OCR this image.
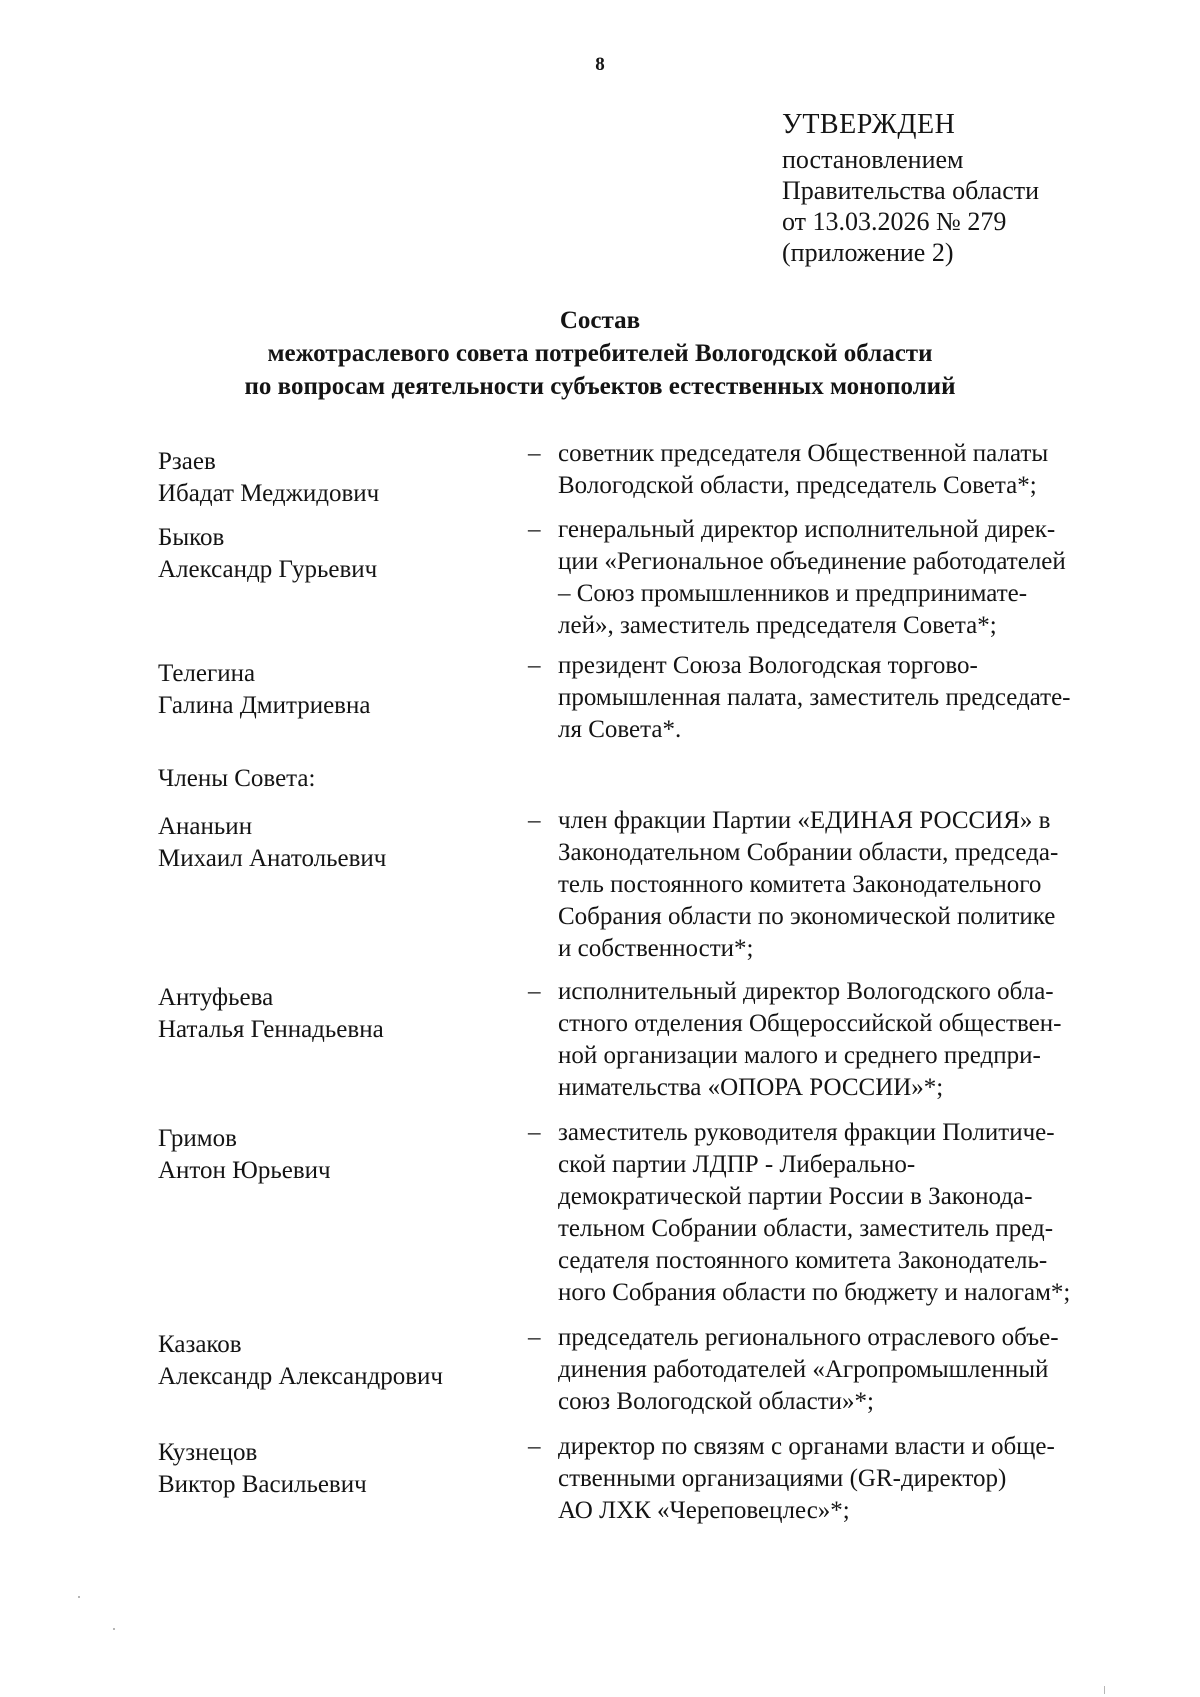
8
УТВЕРЖДЕН
постановлением
Правительства области
от 13.03.2026 № 279
(приложение 2)
Состав
межотраслевого совета потребителей Вологодской области
по вопросам деятельности субъектов естественных монополий
Рзаев
Ибадат Меджидович
– советник председателя Общественной палаты
Вологодской области, председатель Совета*;
Быков
Александр Гурьевич
– генеральный директор исполнительной дирек-
ции «Региональное объединение работодателей
– Союз промышленников и предпринимате-
лей», заместитель председателя Совета*;
Телегина
Галина Дмитриевна
– президент Союза Вологодская торгово-
промышленная палата, заместитель председате-
ля Совета*.
Ананьин
Михаил Анатольевич
– член фракции Партии «ЕДИНАЯ РОССИЯ» в
Законодательном Собрании области, председа-
тель постоянного комитета Законодательного
Собрания области по экономической политике
и собственности*;
Антуфьева
Наталья Геннадьевна
– исполнительный директор Вологодского обла-
стного отделения Общероссийской обществен-
ной организации малого и среднего предпри-
нимательства «ОПОРА РОССИИ»*;
Гримов
Антон Юрьевич
– заместитель руководителя фракции Политиче-
ской партии ЛДПР - Либерально-
демократической партии России в Законода-
тельном Собрании области, заместитель пред-
седателя постоянного комитета Законодатель-
ного Собрания области по бюджету и налогам*;
Казаков
Александр Александрович
– председатель регионального отраслевого объе-
динения работодателей «Агропромышленный
союз Вологодской области»*;
Кузнецов
Виктор Васильевич
– директор по связям с органами власти и обще-
ственными организациями (GR-директор)
АО ЛХК «Череповецлес»*;
Члены Совета:
